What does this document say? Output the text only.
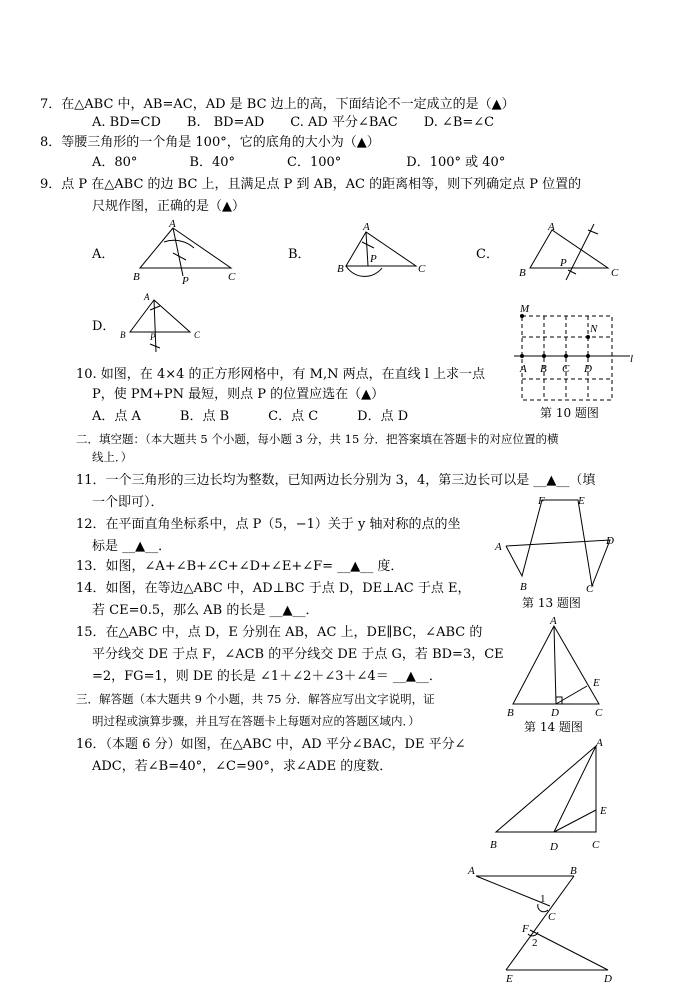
7．在△ABC 中，AB=AC，AD 是 BC 边上的高，下面结论不一定成立的是（▲）
A. BD=CD　　B.　BD=AD　　C. AD 平分∠BAC　　D. ∠B=∠C
8．等腰三角形的一个角是 100°，它的底角的大小为（▲）
A．80°　　　　B．40°　　　　C．100°　　　　　D．100° 或 40°
9．点 P 在△ABC 的边 BC 上，且满足点 P 到 AB，AC 的距离相等，则下列确定点 P 位置的
尺规作图，正确的是（▲）
A．	B．	C．
D．
10. 如图，在 4×4 的正方形网格中，有 M,N 两点，在直线 l 上求一点
P，使 PM+PN 最短，则点 P 的位置应选在（▲）
A．点 A　　　B．点 B　　　C．点 C　　　D．点 D
二．填空题：（本大题共 5 个小题，每小题 3 分，共 15 分．把答案填在答题卡的对应位置的横
线上．）
11．一个三角形的三边长均为整数，已知两边长分别为 3，4，第三边长可以是 __▲__（填
一个即可）．
12．在平面直角坐标系中，点 P（5，−1）关于 y 轴对称的点的坐
标是 __▲__．
13．如图，∠A+∠B+∠C+∠D+∠E+∠F= __▲__ 度．
14．如图，在等边△ABC 中，AD⊥BC 于点 D，DE⊥AC 于点 E，
若 CE=0.5，那么 AB 的长是 __▲__．
15．在△ABC 中，点 D，E 分别在 AB，AC 上，DE∥BC，∠ABC 的
平分线交 DE 于点 F，∠ACB 的平分线交 DE 于点 G，若 BD=3，CE
=2，FG=1，则 DE 的长是 ∠1＋∠2＋∠3＋∠4＝ __▲__．
三．解答题（本大题共 9 个小题，共 75 分．解答应写出文字说明，证
明过程或演算步骤，并且写在答题卡上每题对应的答题区域内．）
16．（本题 6 分）如图，在△ABC 中，AD 平分∠BAC，DE 平分∠
ADC，若∠B=40°，∠C=90°，求∠ADE 的度数．
A
B	C
P
A
B	C
P
A
B	C
P
A
B	C
P
M
N
l
A B C D
第 10 题图
A
B	C
D
E
F
第 13 题图
A
B	D
E
C
第 14 题图
A
B	D	C
E
A	B
1
C
F
2
E	D
